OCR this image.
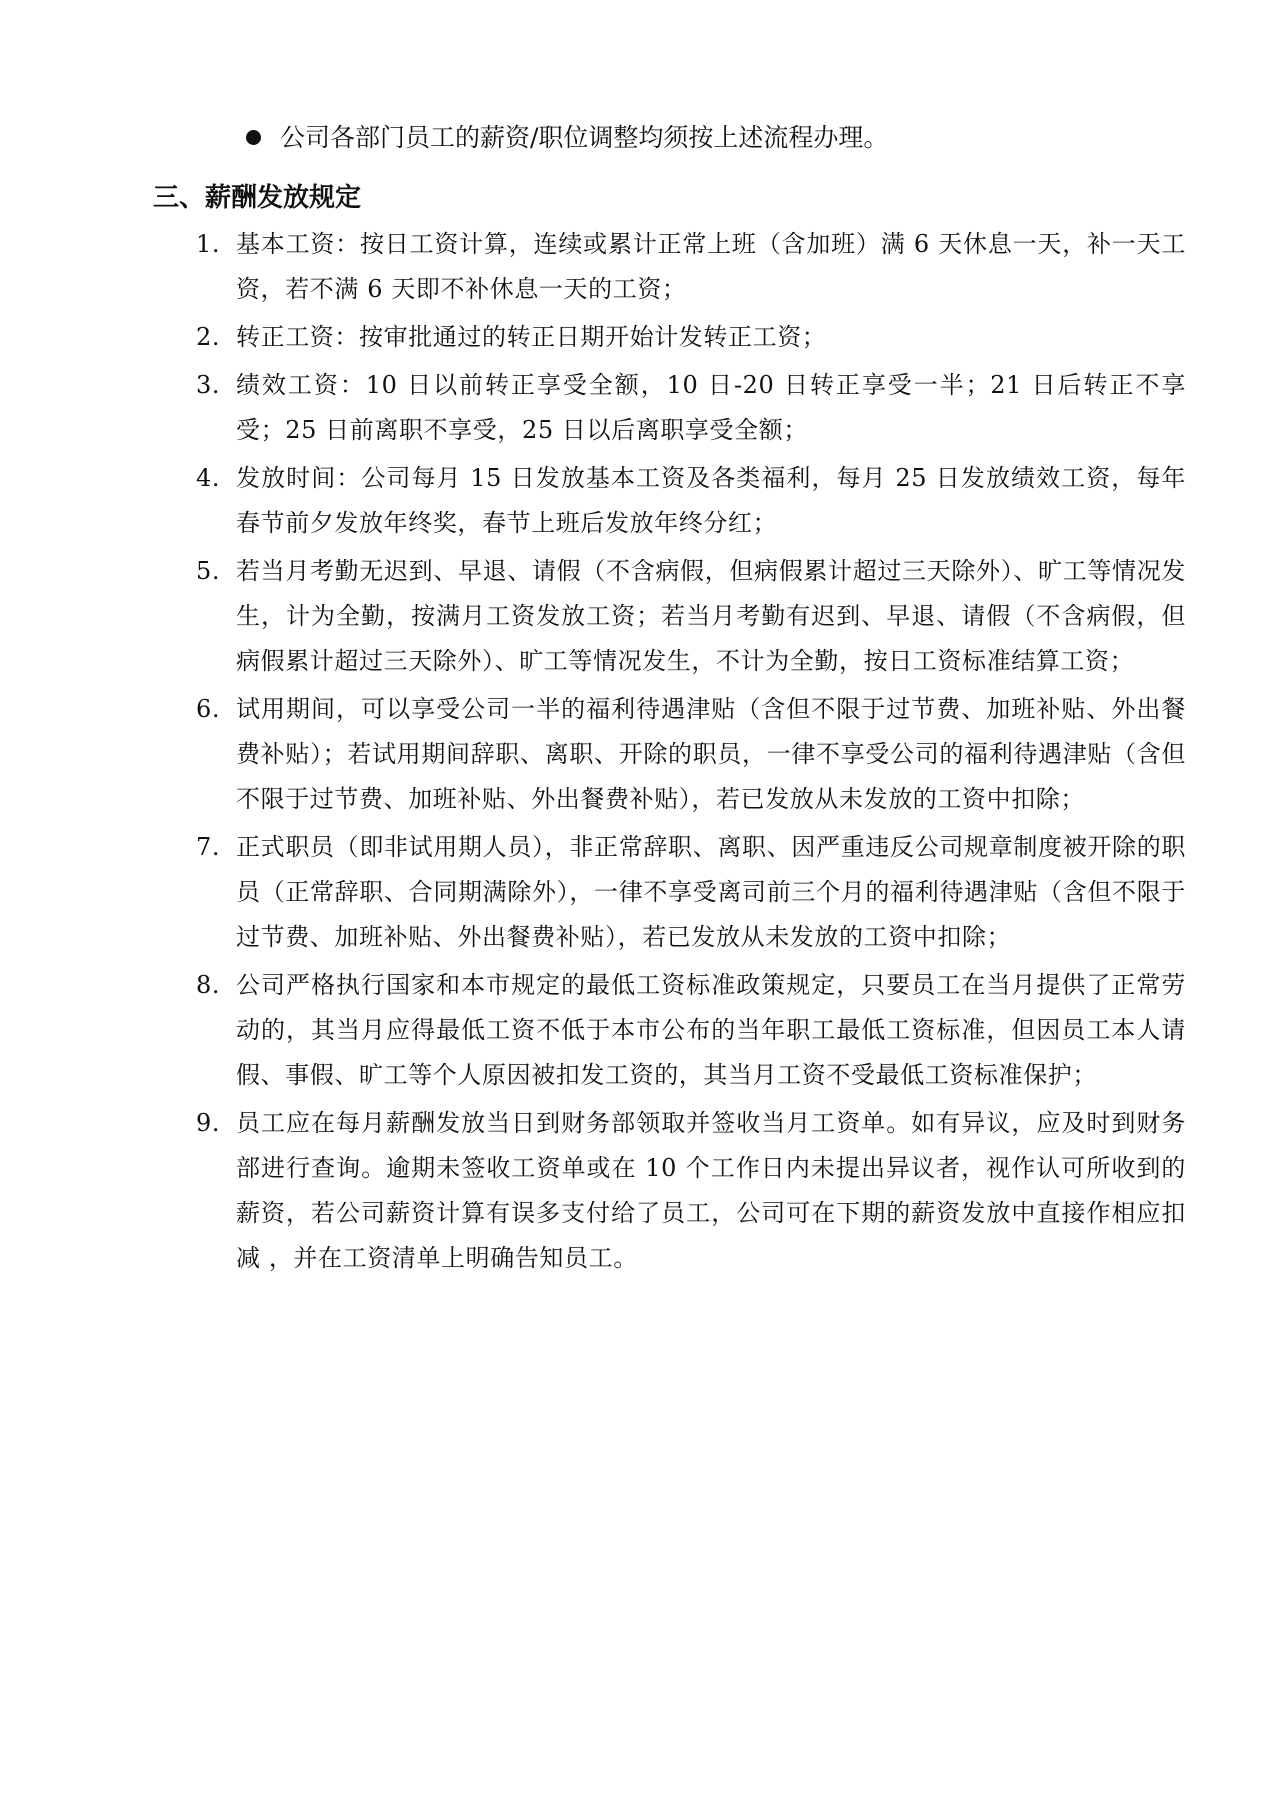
公司各部门员工的薪资/职位调整均须按上述流程办理。
三、薪酬发放规定
1. 基本工资：按日工资计算，连续或累计正常上班（含加班）满 6 天休息一天，补一天工资，若不满 6 天即不补休息一天的工资；
2. 转正工资：按审批通过的转正日期开始计发转正工资；
3. 绩效工资：10 日以前转正享受全额，10 日-20 日转正享受一半；21 日后转正不享受；25 日前离职不享受，25 日以后离职享受全额；
4. 发放时间：公司每月 15 日发放基本工资及各类福利，每月 25 日发放绩效工资，每年春节前夕发放年终奖，春节上班后发放年终分红；
5. 若当月考勤无迟到、早退、请假（不含病假，但病假累计超过三天除外）、旷工等情况发生，计为全勤，按满月工资发放工资；若当月考勤有迟到、早退、请假（不含病假，但病假累计超过三天除外）、旷工等情况发生，不计为全勤，按日工资标准结算工资；
6. 试用期间，可以享受公司一半的福利待遇津贴（含但不限于过节费、加班补贴、外出餐费补贴）；若试用期间辞职、离职、开除的职员，一律不享受公司的福利待遇津贴（含但不限于过节费、加班补贴、外出餐费补贴），若已发放从未发放的工资中扣除；
7. 正式职员（即非试用期人员），非正常辞职、离职、因严重违反公司规章制度被开除的职员（正常辞职、合同期满除外），一律不享受离司前三个月的福利待遇津贴（含但不限于过节费、加班补贴、外出餐费补贴），若已发放从未发放的工资中扣除；
8. 公司严格执行国家和本市规定的最低工资标准政策规定，只要员工在当月提供了正常劳动的，其当月应得最低工资不低于本市公布的当年职工最低工资标准，但因员工本人请假、事假、旷工等个人原因被扣发工资的，其当月工资不受最低工资标准保护；
9. 员工应在每月薪酬发放当日到财务部领取并签收当月工资单。如有异议，应及时到财务部进行查询。逾期未签收工资单或在 10 个工作日内未提出异议者，视作认可所收到的薪资，若公司薪资计算有误多支付给了员工，公司可在下期的薪资发放中直接作相应扣减 ，并在工资清单上明确告知员工。
